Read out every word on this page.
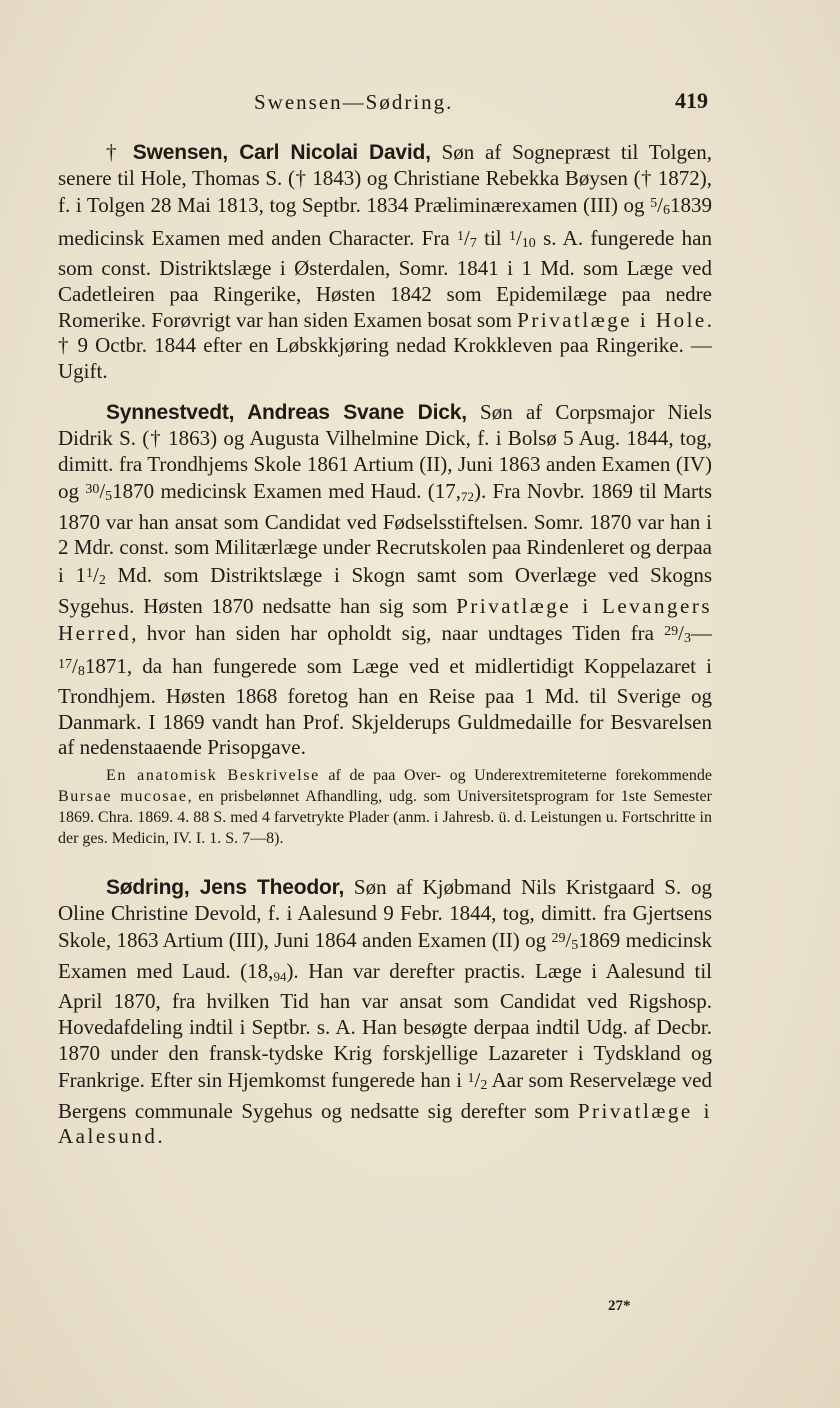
Swensen—Sødring.	419

† Swensen, Carl Nicolai David, Søn af Sognepræst til Tolgen, senere til Hole, Thomas S. († 1843) og Christiane Rebekka Bøysen († 1872), f. i Tolgen 28 Mai 1813, tog Septbr. 1834 Præliminærexamen (III) og $^5$/61839 medicinsk Examen med anden Character. Fra $^1$/7 til $^1$/10 s. A. fungerede han som const. Distriktslæge i Østerdalen, Somr. 1841 i 1 Md. som Læge ved Cadetleiren paa Ringerike, Høsten 1842 som Epidemilæge paa nedre Romerike. Forøvrigt var han siden Examen bosat som Privatlæge i Hole. † 9 Octbr. 1844 efter en Løbskkjøring nedad Krokkleven paa Ringerike. — Ugift.

Synnestvedt, Andreas Svane Dick, Søn af Corpsmajor Niels Didrik S. († 1863) og Augusta Vilhelmine Dick, f. i Bolsø 5 Aug. 1844, tog, dimitt. fra Trondhjems Skole 1861 Artium (II), Juni 1863 anden Examen (IV) og $^{30}$/51870 medicinsk Examen med Haud. $(17,_{72})$. Fra Novbr. 1869 til Marts 1870 var han ansat som Candidat ved Fødselsstiftelsen. Somr. 1870 var han i 2 Mdr. const. som Militærlæge under Recrutskolen paa Rindenleret og derpaa i $1^1/2$ Md. som Distriktslæge i Skogn samt som Overlæge ved Skogns Sygehus. Høsten 1870 nedsatte han sig som Privatlæge i Levangers Herred, hvor han siden har opholdt sig, naar undtages Tiden fra $^{29}$/3—$^{17}$/81871, da han fungerede som Læge ved et midlertidigt Koppelazaret i Trondhjem. Høsten 1868 foretog han en Reise paa 1 Md. til Sverige og Danmark. I 1869 vandt han Prof. Skjelderups Guldmedaille for Besvarelsen af nedenstaaende Prisopgave.

En anatomisk Beskrivelse af de paa Over- og Underextremiteterne forekommende Bursae mucosae, en prisbelønnet Afhandling, udg. som Universitetsprogram for 1ste Semester 1869. Chra. 1869. 4. 88 S. med 4 farvetrykte Plader (anm. i Jahresb. ü. d. Leistungen u. Fortschritte in der ges. Medicin, IV. I. 1. S. 7—8).

Sødring, Jens Theodor, Søn af Kjøbmand Nils Kristgaard S. og Oline Christine Devold, f. i Aalesund 9 Febr. 1844, tog, dimitt. fra Gjertsens Skole, 1863 Artium (III), Juni 1864 anden Examen (II) og $^{29}$/51869 medicinsk Examen med Laud. $(18,_{94})$. Han var derefter practis. Læge i Aalesund til April 1870, fra hvilken Tid han var ansat som Candidat ved Rigshosp. Hovedafdeling indtil i Septbr. s. A. Han besøgte derpaa indtil Udg. af Decbr. 1870 under den fransk-tydske Krig forskjellige Lazareter i Tydskland og Frankrige. Efter sin Hjemkomst fungerede han i $^1$/2 Aar som Reservelæge ved Bergens communale Sygehus og nedsatte sig derefter som Privatlæge i Aalesund.

27*
